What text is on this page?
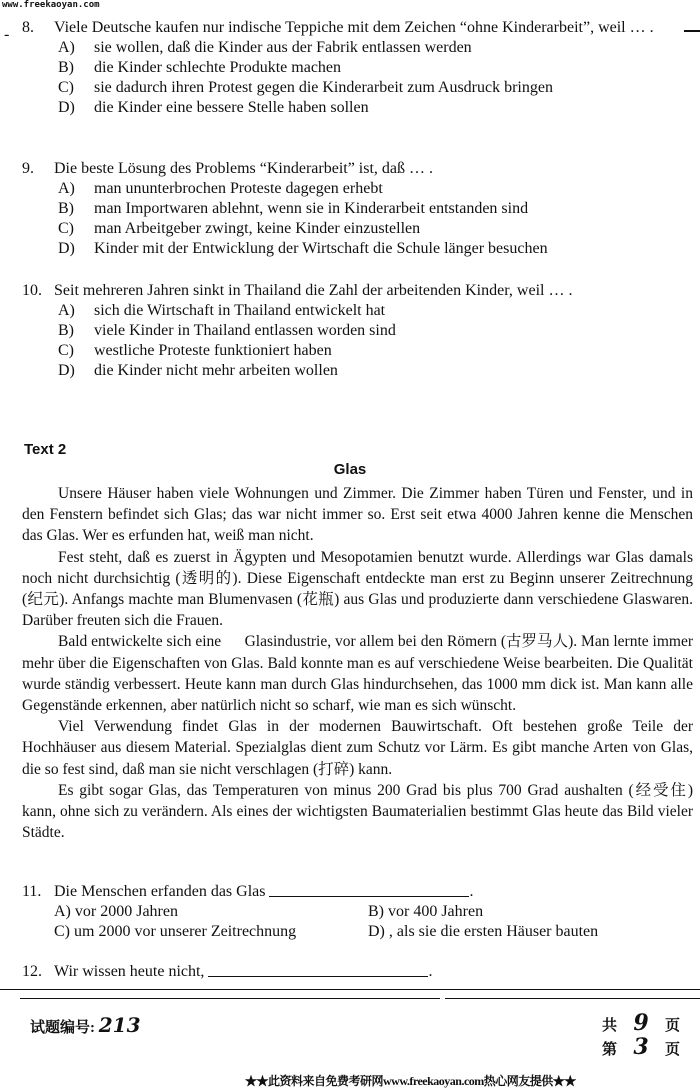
www.freekaoyan.com
- 8.	Viele Deutsche kaufen nur indische Teppiche mit dem Zeichen “ohne Kinderarbeit”, weil … .
A)	sie wollen, daß die Kinder aus der Fabrik entlassen werden
B)	die Kinder schlechte Produkte machen
C)	sie dadurch ihren Protest gegen die Kinderarbeit zum Ausdruck bringen
D)	die Kinder eine bessere Stelle haben sollen
9.	Die beste Lösung des Problems “Kinderarbeit” ist, daß … .
A)	man ununterbrochen Proteste dagegen erhebt
B)	man Importwaren ablehnt, wenn sie in Kinderarbeit entstanden sind
C)	man Arbeitgeber zwingt, keine Kinder einzustellen
D)	Kinder mit der Entwicklung der Wirtschaft die Schule länger besuchen
10. Seit mehreren Jahren sinkt in Thailand die Zahl der arbeitenden Kinder, weil … .
A)	sich die Wirtschaft in Thailand entwickelt hat
B)	viele Kinder in Thailand entlassen worden sind
C)	westliche Proteste funktioniert haben
D)	die Kinder nicht mehr arbeiten wollen
Text 2
Glas

Unsere Häuser haben viele Wohnungen und Zimmer. Die Zimmer haben Türen und Fenster, und in den Fenstern befindet sich Glas; das war nicht immer so. Erst seit etwa 4000 Jahren kenne die Menschen das Glas. Wer es erfunden hat, weiß man nicht.

Fest steht, daß es zuerst in Ägypten und Mesopotamien benutzt wurde. Allerdings war Glas damals noch nicht durchsichtig (透明的). Diese Eigenschaft entdeckte man erst zu Beginn unserer Zeitrechnung (纪元). Anfangs machte man Blumenvasen (花瓶) aus Glas und produzierte dann verschiedene Glaswaren. Darüber freuten sich die Frauen.

Bald entwickelte sich eine      Glasindustrie, vor allem bei den Römern (古罗马人). Man lernte immer mehr über die Eigenschaften von Glas. Bald konnte man es auf verschiedene Weise bearbeiten. Die Qualität wurde ständig verbessert. Heute kann man durch Glas hindurchsehen, das 1000 mm dick ist. Man kann alle Gegenstände erkennen, aber natürlich nicht so scharf, wie man es sich wünscht.

Viel Verwendung findet Glas in der modernen Bauwirtschaft. Oft bestehen große Teile der Hochhäuser aus diesem Material. Spezialglas dient zum Schutz vor Lärm. Es gibt manche Arten von Glas, die so fest sind, daß man sie nicht verschlagen (打碎) kann.

Es gibt sogar Glas, das Temperaturen von minus 200 Grad bis plus 700 Grad aushalten (经受住) kann, ohne sich zu verändern. Als eines der wichtigsten Baumaterialien bestimmt Glas heute das Bild vieler Städte.

11. Die Menschen erfanden das Glas
	.
A) vor 2000 Jahren	B) vor 400 Jahren
C) um 2000 vor unserer Zeitrechnung	D) , als sie die ersten Häuser bauten
12. Wir wissen heute nicht,
	.
试题编号: 213	共 9	页
第 3	页
★★此资料来自免费考研网www.freekaoyan.com热心网友提供★★
